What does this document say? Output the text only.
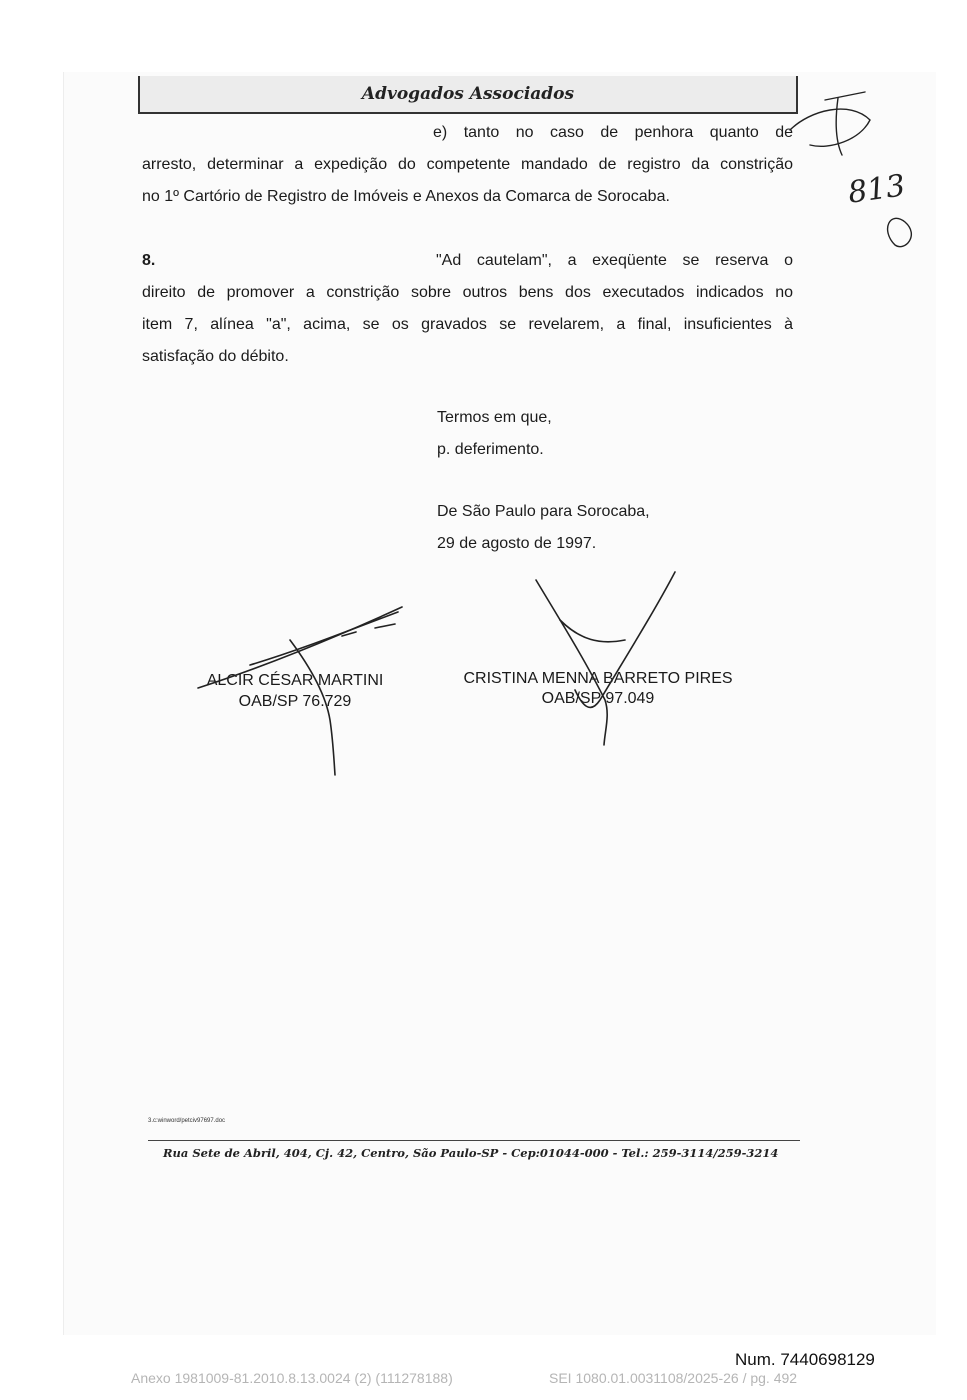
Advogados Associados
e) tanto no caso de penhora quanto de
arresto, determinar a expedição do competente mandado de registro da constrição
no 1º Cartório de Registro de Imóveis e Anexos da Comarca de Sorocaba.
8.	"Ad cautelam", a exeqüente se reserva o
direito de promover a constrição sobre outros bens dos executados indicados no
item 7, alínea "a", acima, se os gravados se revelarem, a final, insuficientes à
satisfação do débito.
Termos em que,
p. deferimento.
De São Paulo para Sorocaba,
29 de agosto de 1997.
ALCIR CÉSAR MARTINI
OAB/SP 76.729
CRISTINA MENNA BARRETO PIRES
OAB/SP 97.049
813
3.c:winword/petciv97697.doc
Rua Sete de Abril, 404, Cj. 42, Centro, São Paulo-SP - Cep:01044-000 - Tel.: 259-3114/259-3214
Num. 7440698129
Anexo 1981009-81.2010.8.13.0024 (2) (111278188)	SEI 1080.01.0031108/2025-26 / pg. 492
